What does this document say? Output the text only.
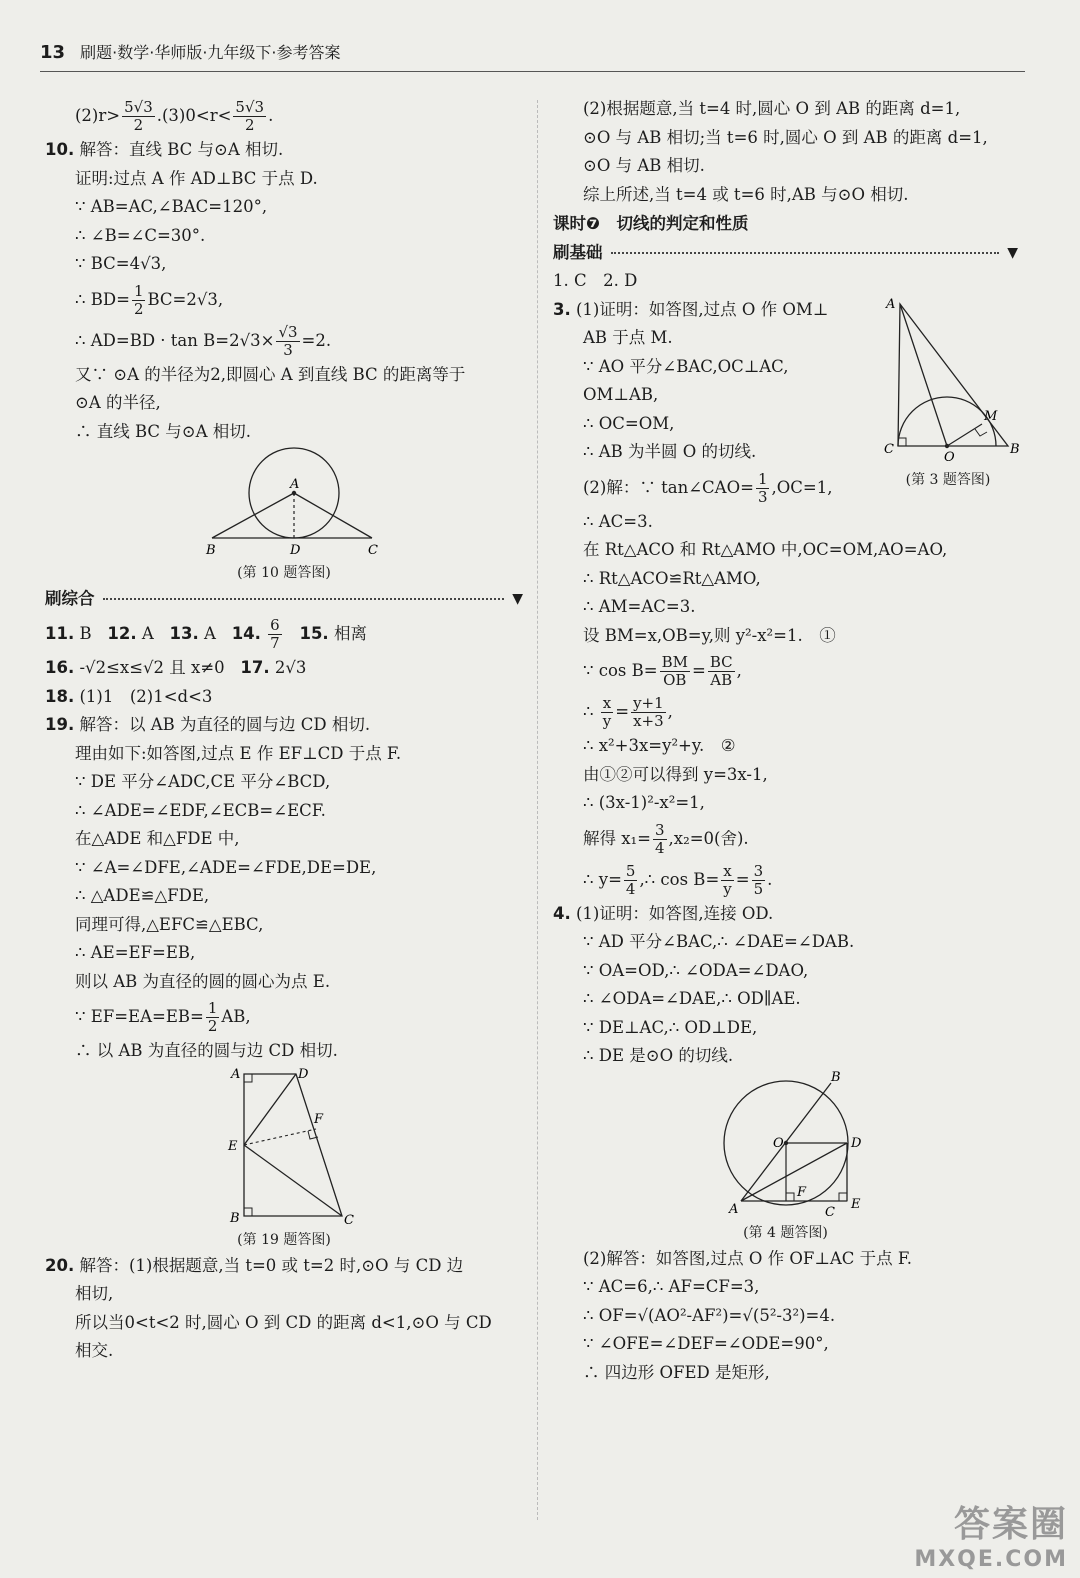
13 刷题·数学·华师版·九年级下·参考答案
$(2)r> \frac{5√3}{2} .(3)0<r< \frac{5√3}{2}$ .
10. 解答：直线 BC 与⊙A 相切.
证明:过点 A 作 AD⊥BC 于点 D.
∵ AB=AC,∠BAC=120°,
∴ ∠B=∠C=30°.
∵ BC=4√3,
∴ $BD= \frac{1}{2} BC=2√3$,
∴ $AD=BD \cdot \tan B=2√3\times \frac{√3}{3} =2$.
又∵ ⊙A 的半径为2,即圆心 A 到直线 BC 的距离等于
⊙A 的半径,
∴ 直线 BC 与⊙A 相切.
A
B	D	C
(第 10 题答图)
刷综合	▼
11. B 12. A 13. A 14. $\frac{6}{7} 15$. 相离
16. -√2≤x≤√2 且 x≠0 17. 2√3
18. (1)1　(2)1<d<3
19. 解答：以 AB 为直径的圆与边 CD 相切.
理由如下:如答图,过点 E 作 EF⊥CD 于点 F.
∵ DE 平分∠ADC,CE 平分∠BCD,
∴ ∠ADE=∠EDF,∠ECB=∠ECF.
在△ADE 和△FDE 中,
∵ ∠A=∠DFE,∠ADE=∠FDE,DE=DE,
∴ △ADE≌△FDE,
同理可得,△EFC≌△EBC,
∴ AE=EF=EB,
则以 AB 为直径的圆的圆心为点 E.
∵ $EF=EA=EB= \frac{1}{2}$ AB,
∴ 以 AB 为直径的圆与边 CD 相切.
A	D
F
E
B	C
(第 19 题答图)
20. 解答：(1)根据题意,当 t=0 或 t=2 时,⊙O 与 CD 边
相切,
所以当0<t<2 时,圆心 O 到 CD 的距离 d<1,⊙O 与 CD
相交.
(2)根据题意,当 t=4 时,圆心 O 到 AB 的距离 d=1,
⊙O 与 AB 相切;当 t=6 时,圆心 O 到 AB 的距离 d=1,
⊙O 与 AB 相切.
综上所述,当 t=4 或 t=6 时,AB 与⊙O 相切.
课时❼　切线的判定和性质
刷基础	▼
1. C　2. D
3. (1)证明：如答图,过点 O 作 OM⊥
AB 于点 M.
∵ AO 平分∠BAC,OC⊥AC,
OM⊥AB,
∴ OC=OM,
∴ AB 为半圆 O 的切线.
(2)解：∵ tan∠CAO= $\frac{1}{3} ,OC=1$,
∴ AC=3.
在 Rt△ACO 和 Rt△AMO 中,OC=OM,AO=AO,
∴ Rt△ACO≌Rt△AMO,
∴ AM=AC=3.
设 BM=x,OB=y,则 y²-x²=1.　①
∵ $\cos B= \frac{BM}{OB} = \frac{BC}{AB}$ ,
∴ $\frac{x}{y} = \frac{y+1}{x+3}$ ,
∴ x²+3x=y²+y.　②
由①②可以得到 y=3x-1,
∴ (3x-1)²-x²=1,
解得 $x_1= \frac{3}{4} ,x_2=0$(舍).
∴ $y= \frac{5}{4}$ ,∴ $\cos B= \frac{x}{y} = \frac{3}{5}$ .
A
M
C
O
B
(第 3 题答图)
4. (1)证明：如答图,连接 OD.
∵ AD 平分∠BAC,∴ ∠DAE=∠DAB.
∵ OA=OD,∴ ∠ODA=∠DAO,
∴ ∠ODA=∠DAE,∴ OD∥AE.
∵ DE⊥AC,∴ OD⊥DE,
∴ DE 是⊙O 的切线.
B
O	D
F
A	C
E
(第 4 题答图)
(2)解答：如答图,过点 O 作 OF⊥AC 于点 F.
∵ AC=6,∴ AF=CF=3,
∴ OF=√(AO²-AF²)=√(5²-3²)=4.
∵ ∠OFE=∠DEF=∠ODE=90°,
∴ 四边形 OFED 是矩形,
答案圈
MXQE.COM
